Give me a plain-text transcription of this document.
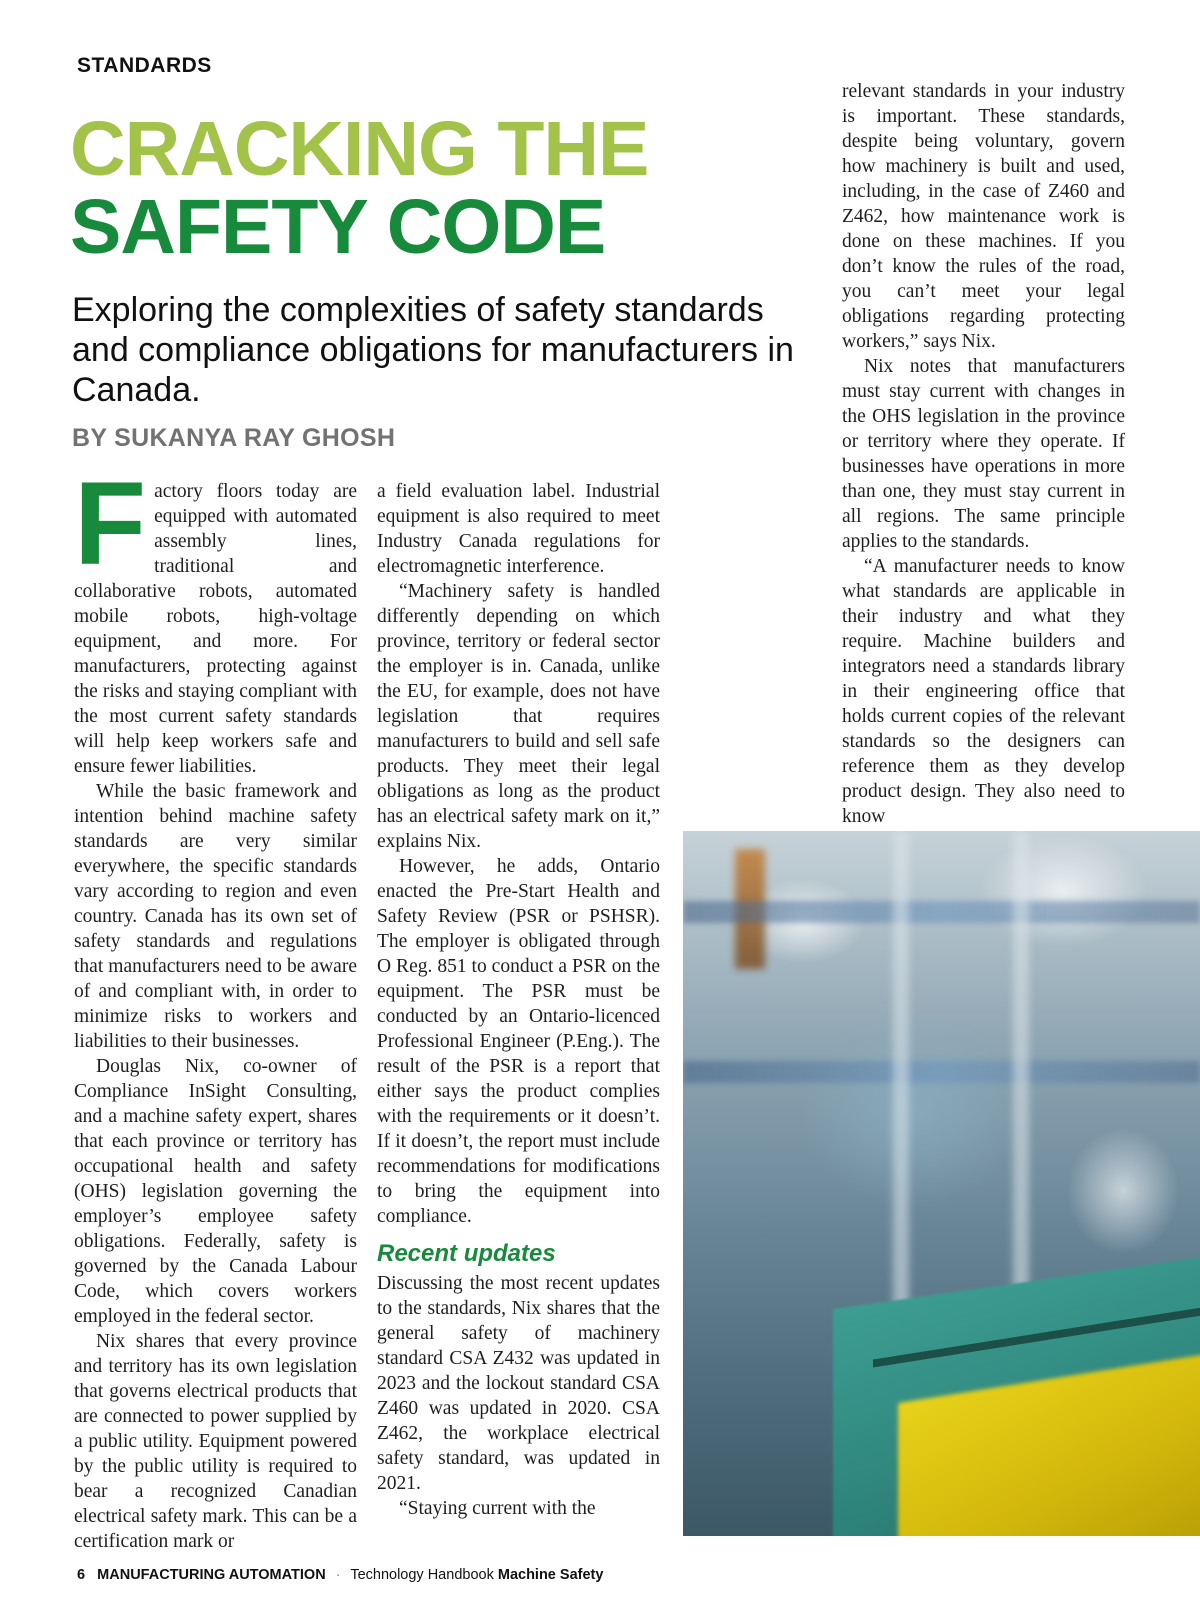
STANDARDS
CRACKING THE
SAFETY CODE

Exploring the complexities of safety standards and compliance obligations for manufacturers in Canada.

BY SUKANYA RAY GHOSH

Factory floors today are equipped with automated assembly lines, traditional and collaborative robots, automated mobile robots, high-voltage equipment, and more. For manufacturers, protecting against the risks and staying compliant with the most current safety standards will help keep workers safe and ensure fewer liabilities.

While the basic framework and intention behind machine safety standards are very similar everywhere, the specific standards vary according to region and even country. Canada has its own set of safety standards and regulations that manufacturers need to be aware of and compliant with, in order to minimize risks to workers and liabilities to their businesses.

Douglas Nix, co-owner of Compliance InSight Consulting, and a machine safety expert, shares that each province or territory has occupational health and safety (OHS) legislation governing the employer’s employee safety obligations. Federally, safety is governed by the Canada Labour Code, which covers workers employed in the federal sector.

Nix shares that every province and territory has its own legislation that governs electrical products that are connected to power supplied by a public utility. Equipment powered by the public utility is required to bear a recognized Canadian electrical safety mark. This can be a certification mark or

a field evaluation label. Industrial equipment is also required to meet Industry Canada regulations for electromagnetic interference.

“Machinery safety is handled differently depending on which province, territory or federal sector the employer is in. Canada, unlike the EU, for example, does not have legislation that requires manufacturers to build and sell safe products. They meet their legal obligations as long as the product has an electrical safety mark on it,” explains Nix.

However, he adds, Ontario enacted the Pre-Start Health and Safety Review (PSR or PSHSR). The employer is obligated through O Reg. 851 to conduct a PSR on the equipment. The PSR must be conducted by an Ontario-licenced Professional Engineer (P.Eng.). The result of the PSR is a report that either says the product complies with the requirements or it doesn’t. If it doesn’t, the report must include recommendations for modifications to bring the equipment into compliance.

Recent updates

Discussing the most recent updates to the standards, Nix shares that the general safety of machinery standard CSA Z432 was updated in 2023 and the lockout standard CSA Z460 was updated in 2020. CSA Z462, the workplace electrical safety standard, was updated in 2021.

“Staying current with the

relevant standards in your industry is important. These standards, despite being voluntary, govern how machinery is built and used, including, in the case of Z460 and Z462, how maintenance work is done on these machines. If you don’t know the rules of the road, you can’t meet your legal obligations regarding protecting workers,” says Nix.

Nix notes that manufacturers must stay current with changes in the OHS legislation in the province or territory where they operate. If businesses have operations in more than one, they must stay current in all regions. The same principle applies to the standards.

“A manufacturer needs to know what standards are applicable in their industry and what they require. Machine builders and integrators need a standards library in their engineering office that holds current copies of the relevant standards so the designers can reference them as they develop product design. They also need to know

6 MANUFACTURING AUTOMATION · Technology Handbook Machine Safety
